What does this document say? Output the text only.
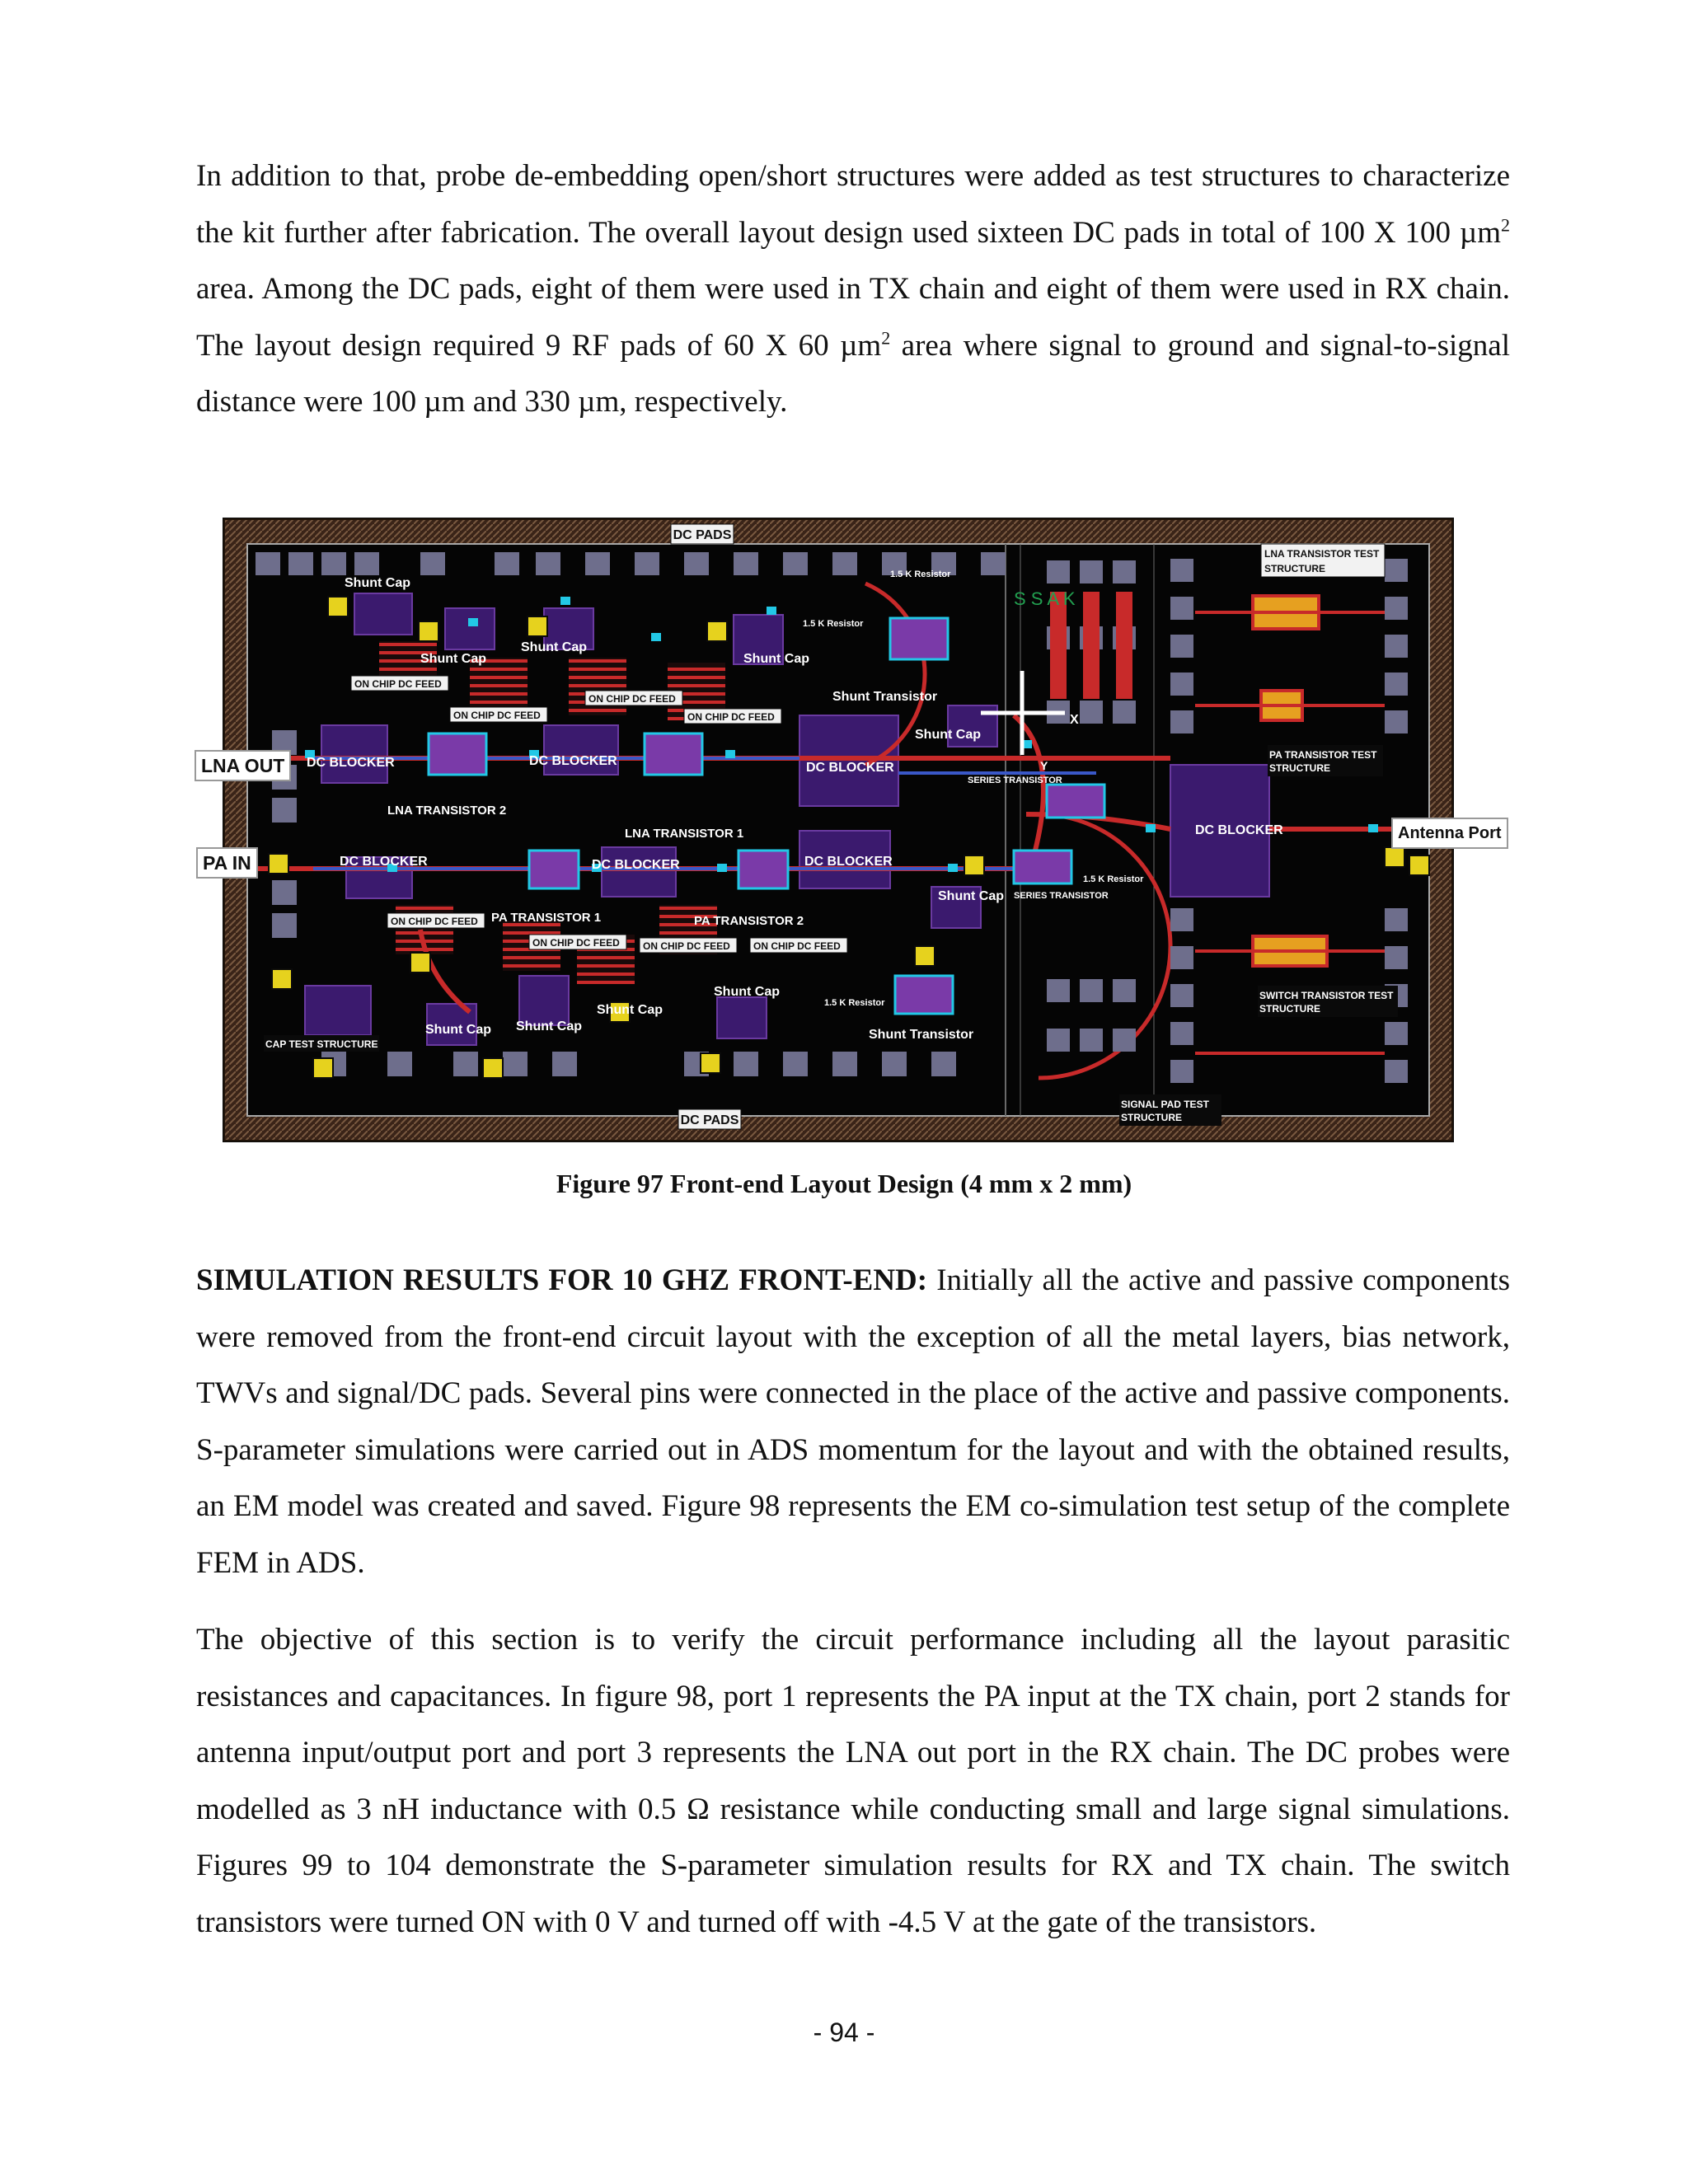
In addition to that, probe de-embedding open/short structures were added as test structures to characterize the kit further after fabrication. The overall layout design used sixteen DC pads in total of 100 X 100 µm$^2$ area. Among the DC pads, eight of them were used in TX chain and eight of them were used in RX chain. The layout design required 9 RF pads of 60 X 60 µm$^2$ area where signal to ground and signal-to-signal distance were 100 µm and 330 µm, respectively.

DC PADS
DC PADS
LNA TRANSISTOR TEST
STRUCTURE
PA TRANSISTOR TEST
STRUCTURE
SWITCH TRANSISTOR TEST
STRUCTURE
SIGNAL PAD TEST
STRUCTURE
CAP TEST STRUCTURE
Shunt Cap
Shunt Cap
Shunt Cap
Shunt Cap
Shunt Cap
Shunt Cap
Shunt Cap
Shunt Cap
Shunt Cap
Shunt Cap
ON CHIP DC FEED
ON CHIP DC FEED
ON CHIP DC FEED
ON CHIP DC FEED
ON CHIP DC FEED
ON CHIP DC FEED ON CHIP DC FEED ON CHIP DC FEED
DC BLOCKER	DC BLOCKER	DC BLOCKER
DC BLOCKER	DC BLOCKER	DC BLOCKER
DC BLOCKER
1.5 K Resistor
1.5 K Resistor
1.5 K Resistor
1.5 K Resistor
Shunt Transistor
Shunt Transistor
SERIES TRANSISTOR
SERIES TRANSISTOR
LNA TRANSISTOR 1
LNA TRANSISTOR 2
PA TRANSISTOR 1	PA TRANSISTOR 2
S S A K
X
Y
LNA OUT
PA IN
Antenna Port
Figure 97 Front-end Layout Design (4 mm x 2 mm)

SIMULATION RESULTS FOR 10 GHZ FRONT-END: Initially all the active and passive components were removed from the front-end circuit layout with the exception of all the metal layers, bias network, TWVs and signal/DC pads. Several pins were connected in the place of the active and passive components. S-parameter simulations were carried out in ADS momentum for the layout and with the obtained results, an EM model was created and saved. Figure 98 represents the EM co-simulation test setup of the complete FEM in ADS.

The objective of this section is to verify the circuit performance including all the layout parasitic resistances and capacitances. In figure 98, port 1 represents the PA input at the TX chain, port 2 stands for antenna input/output port and port 3 represents the LNA out port in the RX chain. The DC probes were modelled as 3 nH inductance with 0.5 Ω resistance while conducting small and large signal simulations. Figures 99 to 104 demonstrate the S-parameter simulation results for RX and TX chain. The switch transistors were turned ON with 0 V and turned off with -4.5 V at the gate of the transistors.

- 94 -
